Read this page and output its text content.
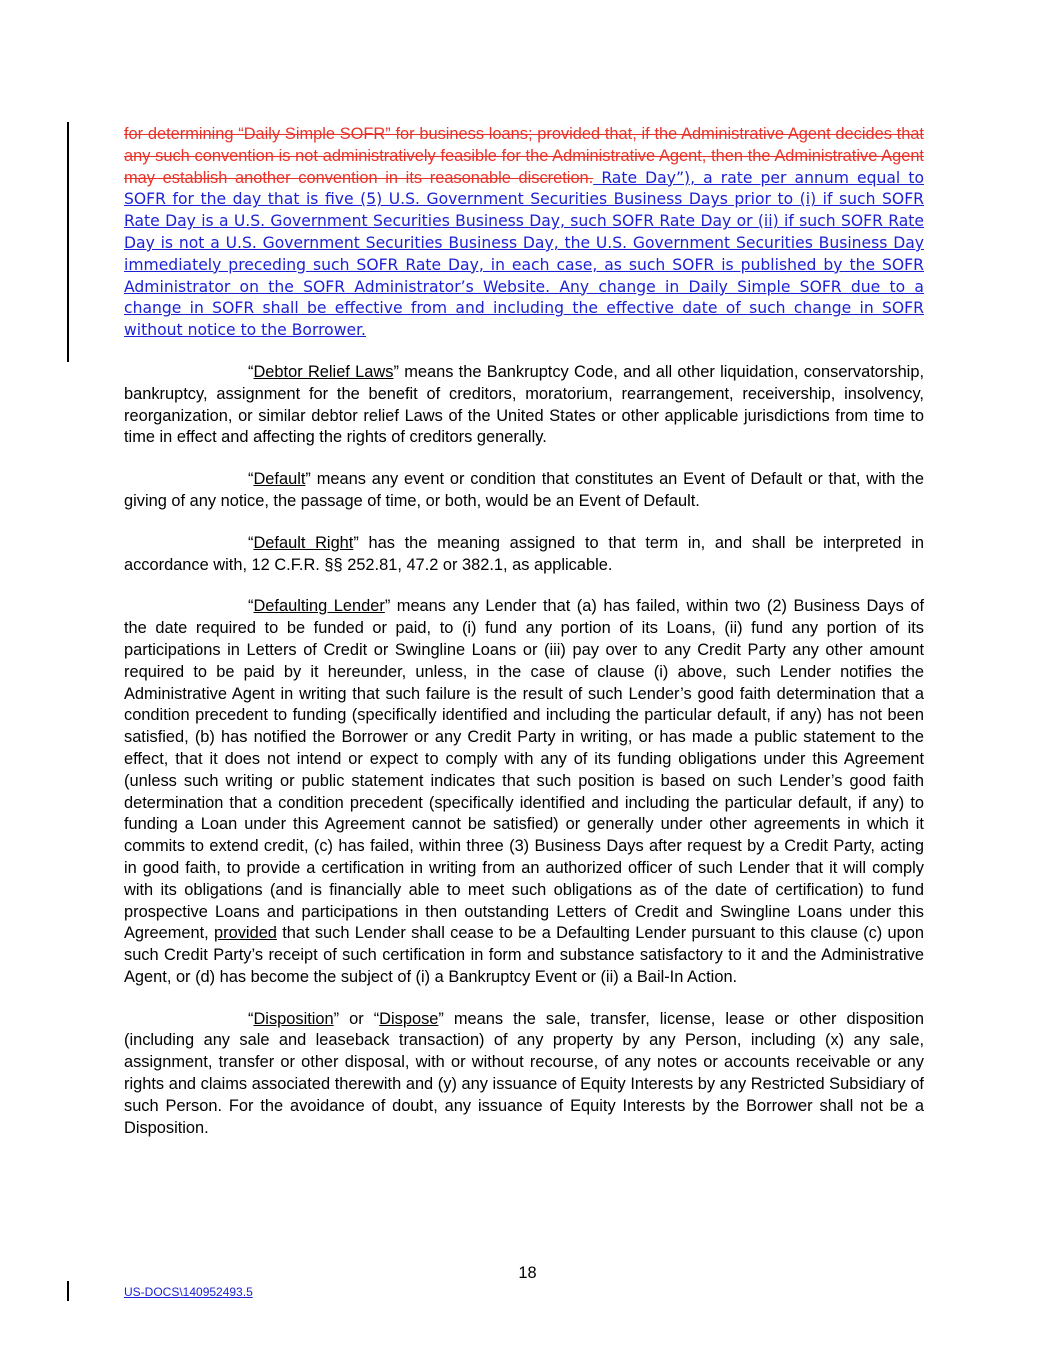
for determining “Daily Simple SOFR” for business loans; provided that, if the Administrative Agent decides that any such convention is not administratively feasible for the Administrative Agent, then the Administrative Agent may establish another convention in its reasonable discretion. Rate Day”), a rate per annum equal to SOFR for the day that is five (5) U.S. Government Securities Business Days prior to (i) if such SOFR Rate Day is a U.S. Government Securities Business Day, such SOFR Rate Day or (ii) if such SOFR Rate Day is not a U.S. Government Securities Business Day, the U.S. Government Securities Business Day immediately preceding such SOFR Rate Day, in each case, as such SOFR is published by the SOFR Administrator on the SOFR Administrator’s Website. Any change in Daily Simple SOFR due to a change in SOFR shall be effective from and including the effective date of such change in SOFR without notice to the Borrower.

“Debtor Relief Laws” means the Bankruptcy Code, and all other liquidation, conservatorship, bankruptcy, assignment for the benefit of creditors, moratorium, rearrangement, receivership, insolvency, reorganization, or similar debtor relief Laws of the United States or other applicable jurisdictions from time to time in effect and affecting the rights of creditors generally.

“Default” means any event or condition that constitutes an Event of Default or that, with the giving of any notice, the passage of time, or both, would be an Event of Default.

“Default Right” has the meaning assigned to that term in, and shall be interpreted in accordance with, 12 C.F.R. §§ 252.81, 47.2 or 382.1, as applicable.

“Defaulting Lender” means any Lender that (a) has failed, within two (2) Business Days of the date required to be funded or paid, to (i) fund any portion of its Loans, (ii) fund any portion of its participations in Letters of Credit or Swingline Loans or (iii) pay over to any Credit Party any other amount required to be paid by it hereunder, unless, in the case of clause (i) above, such Lender notifies the Administrative Agent in writing that such failure is the result of such Lender’s good faith determination that a condition precedent to funding (specifically identified and including the particular default, if any) has not been satisfied, (b) has notified the Borrower or any Credit Party in writing, or has made a public statement to the effect, that it does not intend or expect to comply with any of its funding obligations under this Agreement (unless such writing or public statement indicates that such position is based on such Lender’s good faith determination that a condition precedent (specifically identified and including the particular default, if any) to funding a Loan under this Agreement cannot be satisfied) or generally under other agreements in which it commits to extend credit, (c) has failed, within three (3) Business Days after request by a Credit Party, acting in good faith, to provide a certification in writing from an authorized officer of such Lender that it will comply with its obligations (and is financially able to meet such obligations as of the date of certification) to fund prospective Loans and participations in then outstanding Letters of Credit and Swingline Loans under this Agreement, provided that such Lender shall cease to be a Defaulting Lender pursuant to this clause (c) upon such Credit Party’s receipt of such certification in form and substance satisfactory to it and the Administrative Agent, or (d) has become the subject of (i) a Bankruptcy Event or (ii) a Bail-In Action.

“Disposition” or “Dispose” means the sale, transfer, license, lease or other disposition (including any sale and leaseback transaction) of any property by any Person, including (x) any sale, assignment, transfer or other disposal, with or without recourse, of any notes or accounts receivable or any rights and claims associated therewith and (y) any issuance of Equity Interests by any Restricted Subsidiary of such Person. For the avoidance of doubt, any issuance of Equity Interests by the Borrower shall not be a Disposition.

18
US-DOCS\140952493.5
